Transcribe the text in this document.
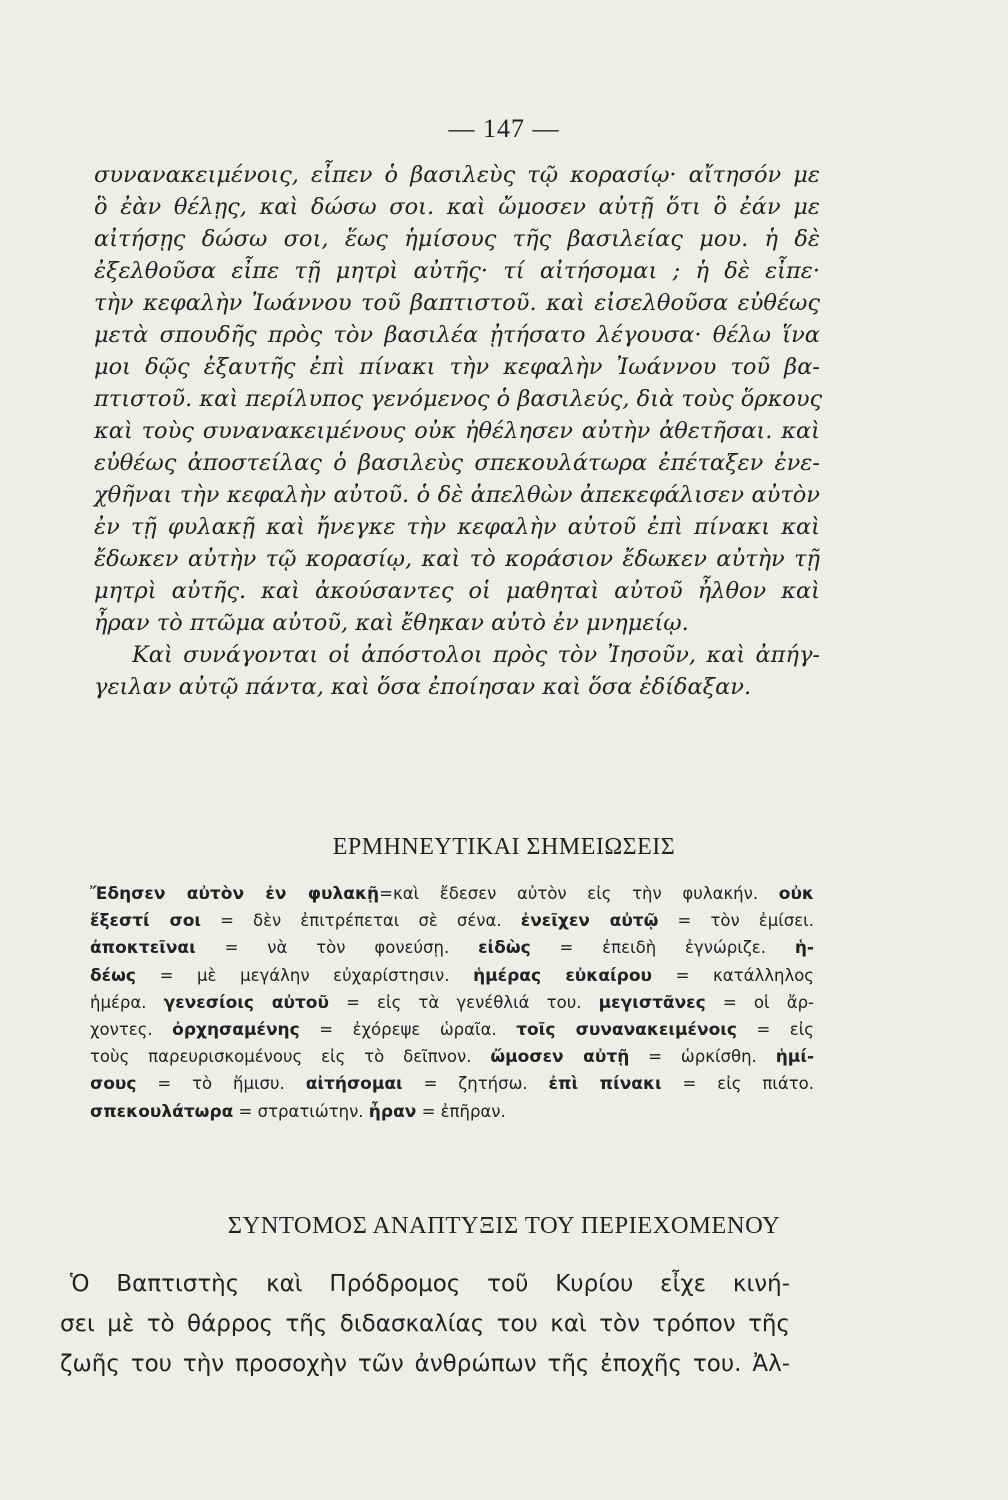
— 147 —
συνανακειμένοις, εἶπεν ὁ βασιλεὺς τῷ κορασίῳ· αἴτησόν με
ὃ ἐὰν θέλῃς, καὶ δώσω σοι. καὶ ὤμοσεν αὐτῇ ὅτι ὃ ἐάν με
αἰτήσῃς δώσω σοι, ἕως ἡμίσους τῆς βασιλείας μου. ἡ δὲ
ἐξελθοῦσα εἶπε τῇ μητρὶ αὐτῆς· τί αἰτήσομαι ; ἡ δὲ εἶπε·
τὴν κεφαλὴν Ἰωάννου τοῦ βαπτιστοῦ. καὶ εἰσελθοῦσα εὐθέως
μετὰ σπουδῆς πρὸς τὸν βασιλέα ᾐτήσατο λέγουσα· θέλω ἵνα
μοι δῷς ἐξαυτῆς ἐπὶ πίνακι τὴν κεφαλὴν Ἰωάννου τοῦ βα-
πτιστοῦ. καὶ περίλυπος γενόμενος ὁ βασιλεύς, διὰ τοὺς ὅρκους
καὶ τοὺς συνανακειμένους οὐκ ἠθέλησεν αὐτὴν ἀθετῆσαι. καὶ
εὐθέως ἀποστείλας ὁ βασιλεὺς σπεκουλάτωρα ἐπέταξεν ἐνε-
χθῆναι τὴν κεφαλὴν αὐτοῦ. ὁ δὲ ἀπελθὼν ἀπεκεφάλισεν αὐτὸν
ἐν τῇ φυλακῇ καὶ ἤνεγκε τὴν κεφαλὴν αὐτοῦ ἐπὶ πίνακι καὶ
ἔδωκεν αὐτὴν τῷ κορασίῳ, καὶ τὸ κοράσιον ἔδωκεν αὐτὴν τῇ
μητρὶ αὐτῆς. καὶ ἀκούσαντες οἱ μαθηταὶ αὐτοῦ ἦλθον καὶ
ἦραν τὸ πτῶμα αὐτοῦ, καὶ ἔθηκαν αὐτὸ ἐν μνημείῳ.
Καὶ συνάγονται οἱ ἀπόστολοι πρὸς τὸν Ἰησοῦν, καὶ ἀπήγ-
γειλαν αὐτῷ πάντα, καὶ ὅσα ἐποίησαν καὶ ὅσα ἐδίδαξαν.
ΕΡΜΗΝΕΥΤΙΚΑΙ ΣΗΜΕΙΩΣΕΙΣ
Ἔδησεν αὐτὸν ἐν φυλακῇ=καὶ ἔδεσεν αὐτὸν εἰς τὴν φυλακήν. οὐκ
ἔξεστί σοι = δὲν ἐπιτρέπεται σὲ σένα. ἐνεῖχεν αὐτῷ = τὸν ἐμίσει.
ἀποκτεῖναι = νὰ τὸν φονεύσῃ. εἰδὼς = ἐπειδὴ ἐγνώριζε. ἡ-
δέως = μὲ μεγάλην εὐχαρίστησιν. ἡμέρας εὐκαίρου = κατάλληλος
ἡμέρα. γενεσίοις αὐτοῦ = εἰς τὰ γενέθλιά του. μεγιστᾶνες = οἱ ἄρ-
χοντες. ὀρχησαμένης = ἐχόρεψε ὡραῖα. τοῖς συνανακειμένοις = εἰς
τοὺς παρευρισκομένους εἰς τὸ δεῖπνον. ὤμοσεν αὐτῇ = ὡρκίσθη. ἡμί-
σους = τὸ ἥμισυ. αἰτήσομαι = ζητήσω. ἐπὶ πίνακι = εἰς πιάτο.
σπεκουλάτωρα = στρατιώτην. ἦραν = ἐπῆραν.
ΣΥΝΤΟΜΟΣ ΑΝΑΠΤΥΞΙΣ ΤΟΥ ΠΕΡΙΕΧΟΜΕΝΟΥ
Ὁ Βαπτιστὴς καὶ Πρόδρομος τοῦ Κυρίου εἶχε κινή-
σει μὲ τὸ θάρρος τῆς διδασκαλίας του καὶ τὸν τρόπον τῆς
ζωῆς του τὴν προσοχὴν τῶν ἀνθρώπων τῆς ἐποχῆς του. Ἀλ-
